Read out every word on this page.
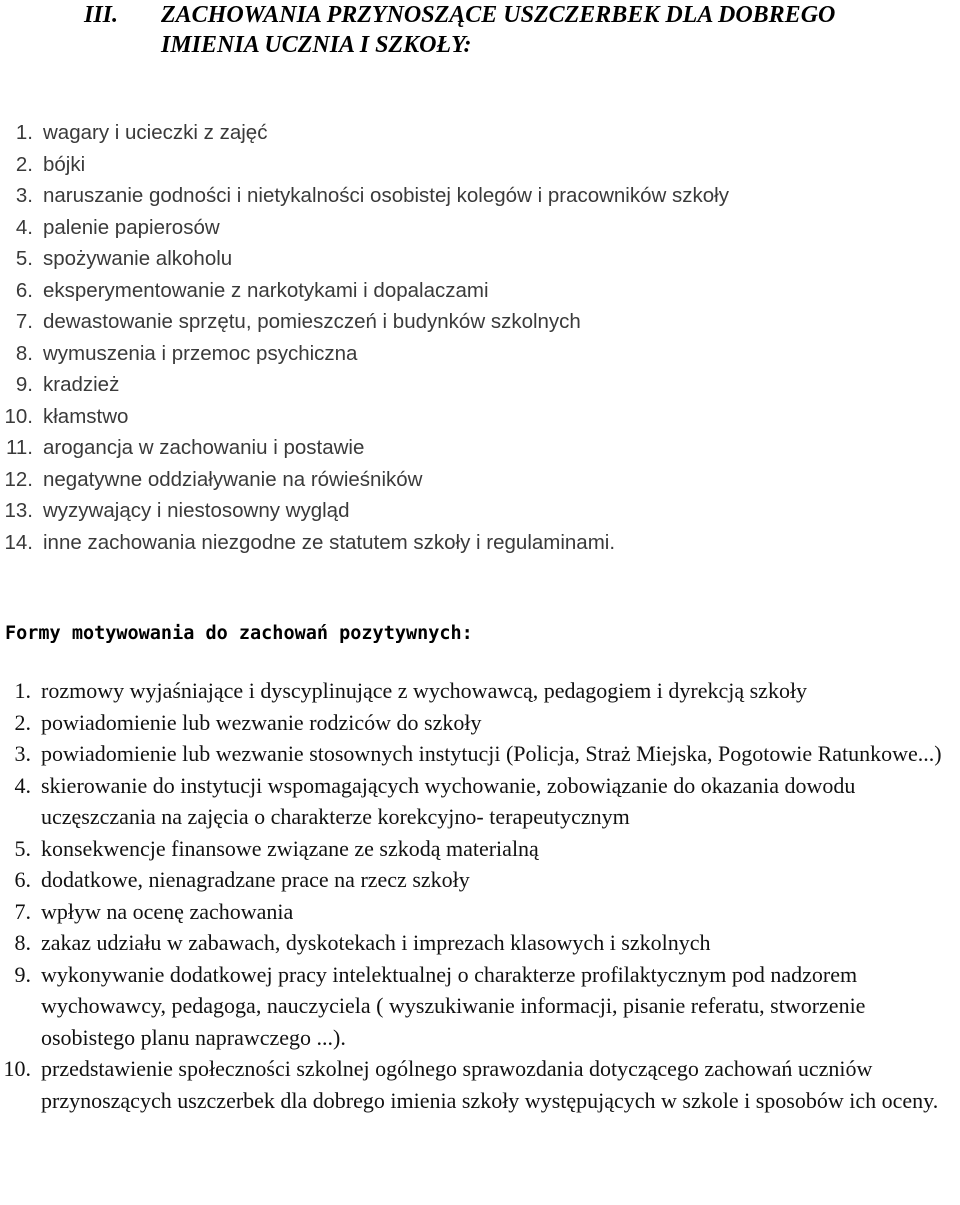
III. ZACHOWANIA PRZYNOSZĄCE USZCZERBEK DLA DOBREGO
IMIENIA UCZNIA I SZKOŁY:
1. wagary i ucieczki z zajęć
2. bójki
3. naruszanie godności i nietykalności osobistej kolegów i pracowników szkoły
4. palenie papierosów
5. spożywanie alkoholu
6. eksperymentowanie z narkotykami i dopalaczami
7. dewastowanie sprzętu, pomieszczeń i budynków szkolnych
8. wymuszenia i przemoc psychiczna
9. kradzież
10. kłamstwo
11. arogancja w zachowaniu i postawie
12. negatywne oddziaływanie na rówieśników
13. wyzywający i niestosowny wygląd
14. inne zachowania niezgodne ze statutem szkoły i regulaminami.
Formy motywowania do zachowań pozytywnych:
1. rozmowy wyjaśniające i dyscyplinujące z wychowawcą, pedagogiem i dyrekcją szkoły
2. powiadomienie lub wezwanie rodziców do szkoły
3. powiadomienie lub wezwanie stosownych instytucji (Policja, Straż Miejska, Pogotowie Ratunkowe...)
4. skierowanie do instytucji wspomagających wychowanie, zobowiązanie do okazania dowodu uczęszczania na zajęcia o charakterze korekcyjno- terapeutycznym
5. konsekwencje finansowe związane ze szkodą materialną
6. dodatkowe, nienagradzane prace na rzecz szkoły
7. wpływ na ocenę zachowania
8. zakaz udziału w zabawach, dyskotekach i imprezach klasowych i szkolnych
9. wykonywanie dodatkowej pracy intelektualnej o charakterze profilaktycznym pod nadzorem wychowawcy, pedagoga, nauczyciela ( wyszukiwanie informacji, pisanie referatu, stworzenie osobistego planu naprawczego ...).
10. przedstawienie społeczności szkolnej ogólnego sprawozdania dotyczącego zachowań uczniów przynoszących uszczerbek dla dobrego imienia szkoły występujących w szkole i sposobów ich oceny.
